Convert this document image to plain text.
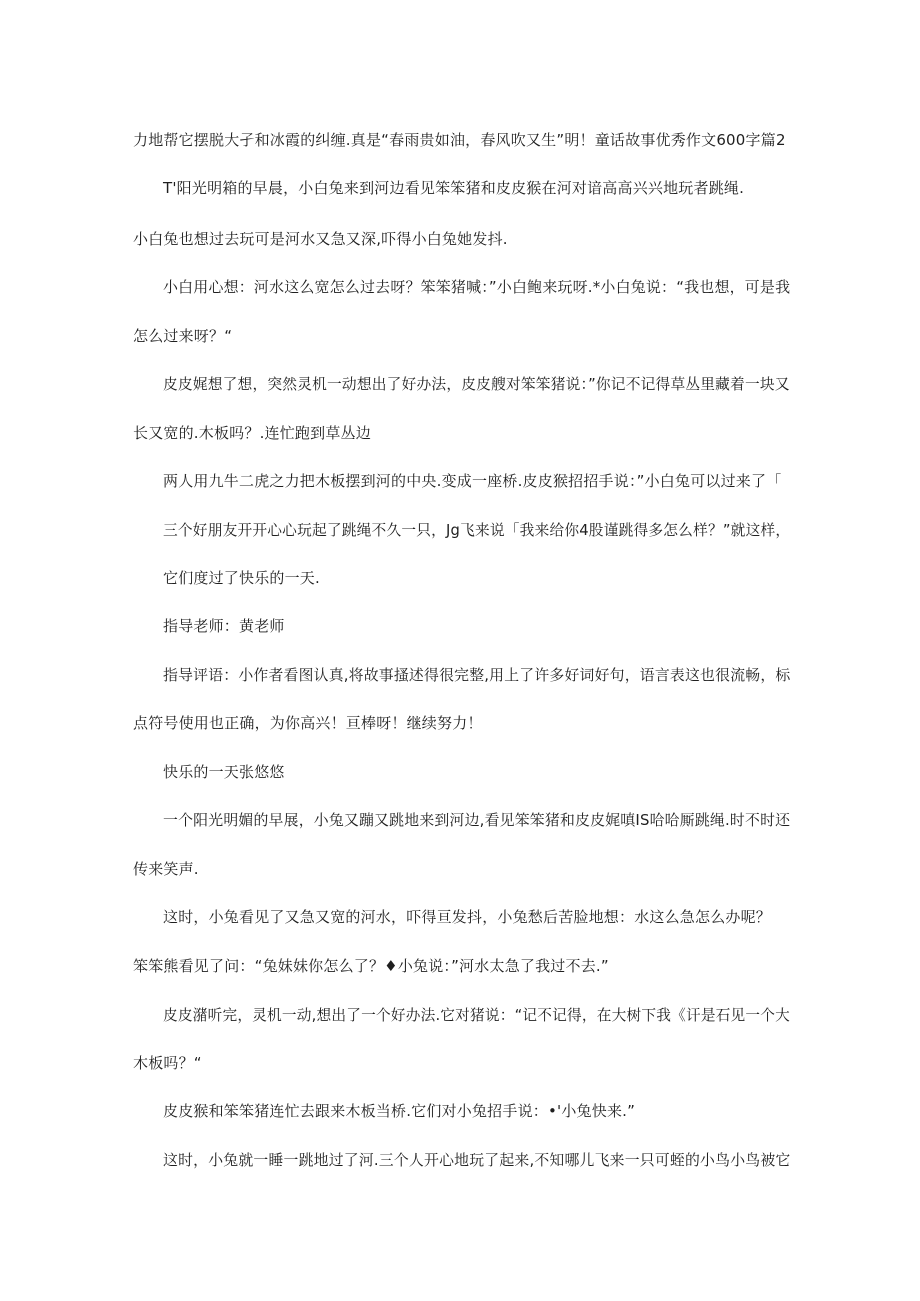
力地帮它摆脱大孑和冰霞的纠缠.真是“春雨贵如油，春风吹又生”明！童话故事优秀作文600字篇2
T'阳光明箱的早晨，小白兔来到河边看见笨笨猪和皮皮猴在河对谙高高兴兴地玩者跳绳.
小白兔也想过去玩可是河水又急又深,吓得小白兔她发抖.
小白用心想：河水这么宽怎么过去呀？笨笨猪喊：”小白鲍来玩呀.*小白兔说：“我也想，可是我
怎么过来呀？“
皮皮娓想了想，突然灵机一动想出了好办法，皮皮艘对笨笨猪说：”你记不记得草丛里藏着一块又
长又宽的.木板吗？.连忙跑到草丛边
两人用九牛二虎之力把木板摆到河的中央.变成一座桥.皮皮猴招招手说：”小白兔可以过来了「
三个好朋友开开心心玩起了跳绳不久一只，Jg飞来说「我来给你4股谨跳得多怎么样？”就这样，
它们度过了快乐的一天.
指导老师：黄老师
指导评语：小作者看图认真,将故事搔述得很完整,用上了许多好词好句，语言表这也很流畅，标
点符号使用也正确，为你高兴！亘棒呀！继续努力！
快乐的一天张悠悠
一个阳光明媚的早展，小兔又蹦又跳地来到河边,看见笨笨猪和皮皮娓嗔IS哈哈厮跳绳.时不时还
传来笑声.
这时，小兔看见了又急又宽的河水，吓得亘发抖，小兔愁后苦脸地想：水这么急怎么办呢？
笨笨熊看见了问：“兔妹妹你怎么了？♦小兔说：”河水太急了我过不去.”
皮皮潴听完，灵机一动,想出了一个好办法.它对猪说：“记不记得，在大树下我《讦是石见一个大
木板吗？“
皮皮猴和笨笨猪连忙去跟来木板当桥.它们对小兔招手说：•'小兔快来.”
这时，小兔就一睡一跳地过了河.三个人开心地玩了起来,不知哪儿飞来一只可蛭的小鸟小鸟被它
